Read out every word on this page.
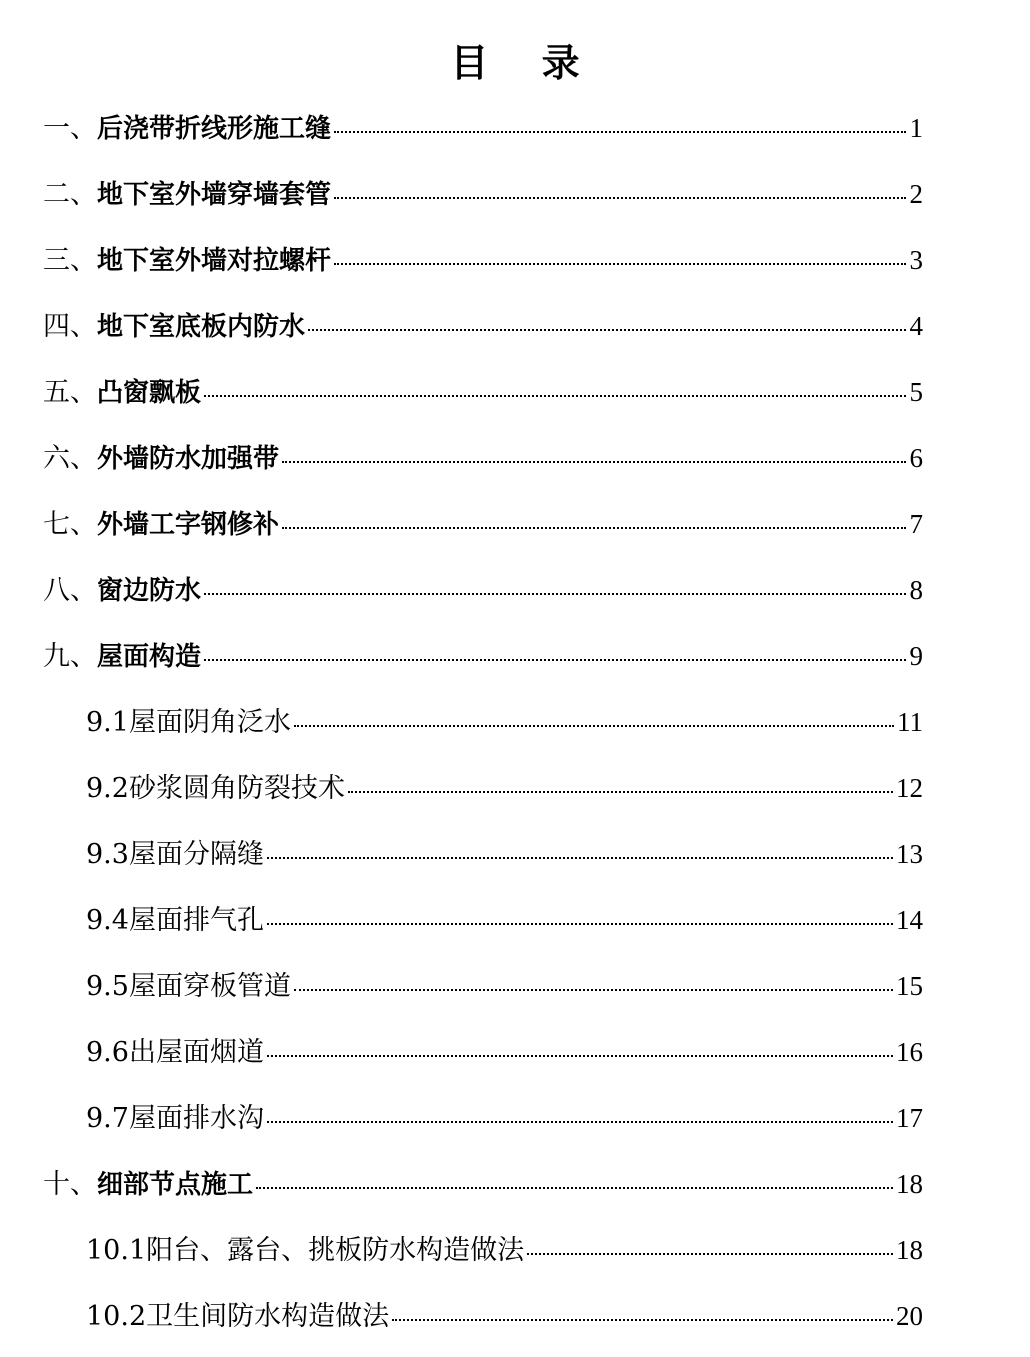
目 录
一、 后浇带折线形施工缝	1
二、 地下室外墙穿墙套管	2
三、 地下室外墙对拉螺杆	3
四、 地下室底板内防水	4
五、 凸窗飘板	5
六、 外墙防水加强带	6
七、 外墙工字钢修补	7
八、 窗边防水	8
九、 屋面构造	9
9.1 屋面阴角泛水	11
9.2 砂浆圆角防裂技术	12
9.3 屋面分隔缝	13
9.4 屋面排气孔	14
9.5 屋面穿板管道	15
9.6 出屋面烟道	16
9.7 屋面排水沟	17
十、 细部节点施工	18
10.1 阳台、露台、挑板防水构造做法	18
10.2 卫生间防水构造做法	20
